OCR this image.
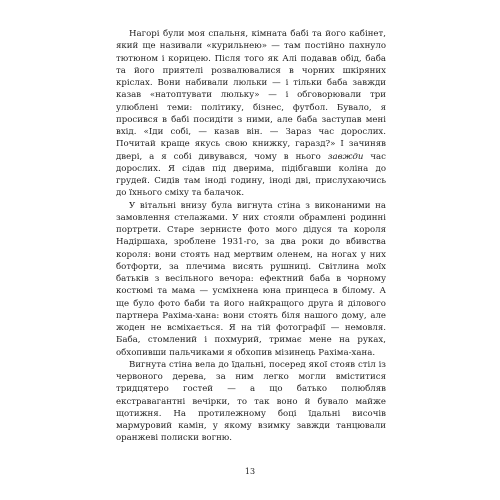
Нагорі були моя спальня, кімната бабі та його кабінет, який ще називали «курильнею» — там постійно пахнуло тютюном і корицею. Після того як Алі подавав обід, баба та його приятелі розвалювалися в чорних шкіряних кріслах. Вони набивали люльки — і тільки баба завжди казав «натоптувати люльку» — і обговорювали три улюблені теми: політику, бізнес, футбол. Бувало, я просився в бабі посидіти з ними, але баба заступав мені вхід. «Іди собі, — казав він. — Зараз час дорослих. Почитай краще якусь свою книжку, гаразд?» І зачиняв двері, а я собі дивувався, чому в нього завжди час дорослих. Я сідав під дверима, підібгавши коліна до грудей. Сидів там іноді годину, іноді дві, прислухаючись до їхнього сміху та балачок.

У вітальні внизу була вигнута стіна з виконаними на замовлення стелажами. У них стояли обрамлені родинні портрети. Старе зернисте фото мого дідуся та короля Надіршаха, зроблене 1931-го, за два роки до вбивства короля: вони стоять над мертвим оленем, на ногах у них ботфорти, за плечима висять рушниці. Світлина моїх батьків з весільного вечора: ефектний баба в чорному костюмі та мама — усміхнена юна принцеса в білому. А ще було фото баби та його найкращого друга й ділового партнера Рахіма-хана: вони стоять біля нашого дому, але жоден не всміхається. Я на тій фотографії — немовля. Баба, стомлений і похмурий, тримає мене на руках, обхопивши пальчиками я обхопив мізинець Рахіма-хана.

Вигнута стіна вела до їдальні, посеред якої стояв стіл із червоного дерева, за ним легко могли вміститися тридцятеро гостей — а що батько полюбляв екстравагантні вечірки, то так воно й бувало майже щотижня. На протилежному боці їдальні височів мармуровий камін, у якому взимку завжди танцювали оранжеві полиски вогню.

13
